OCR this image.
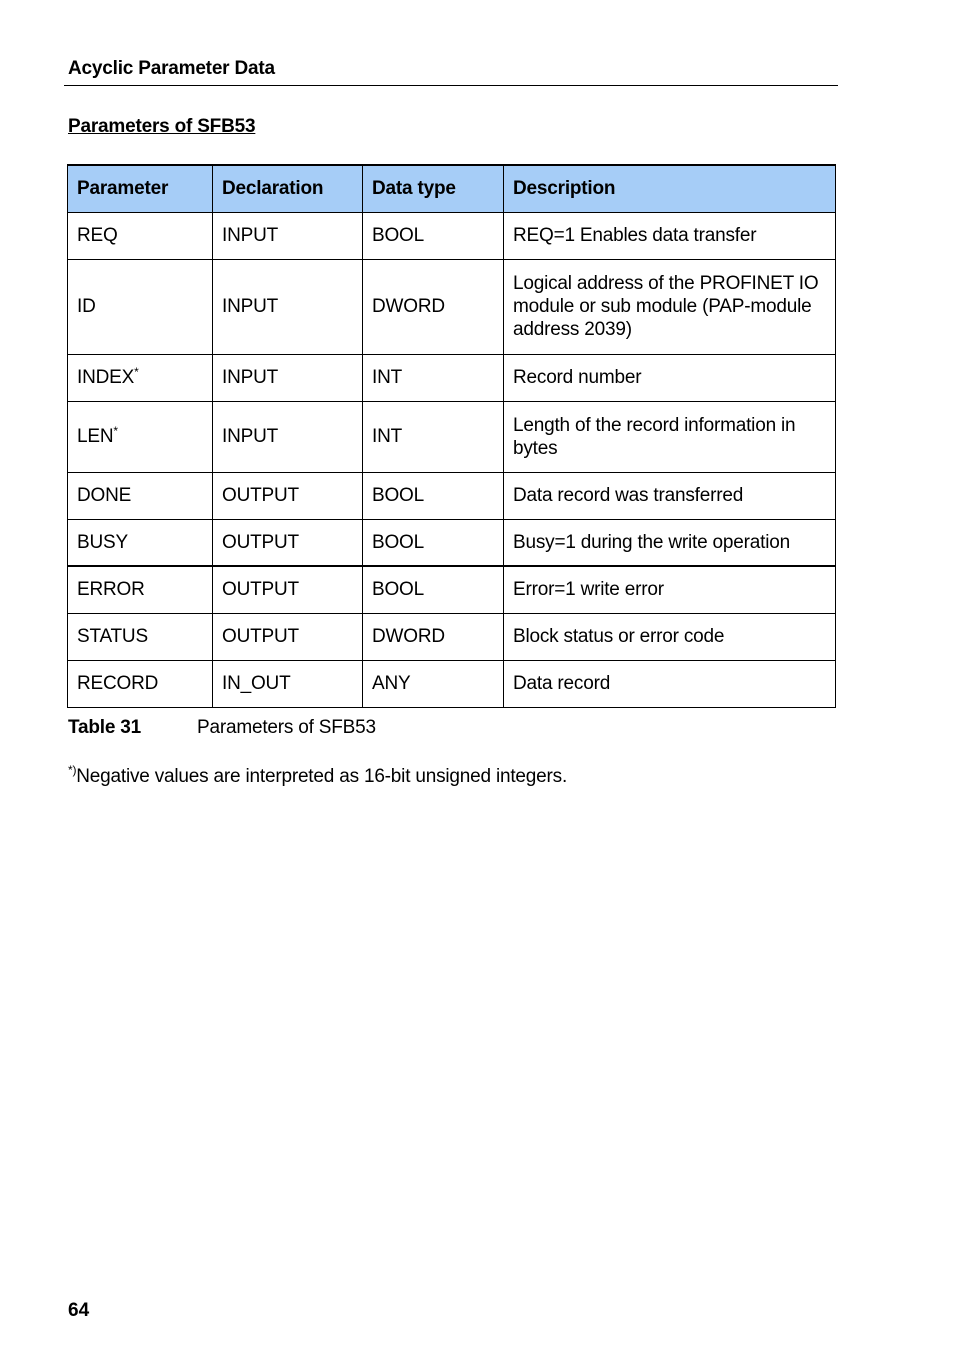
Acyclic Parameter Data
Parameters of SFB53
Parameter	Declaration	Data type	Description
REQ	INPUT	BOOL	REQ=1 Enables data transfer
ID	INPUT	DWORD	Logical address of the PROFINET IO module or sub module (PAP-module address 2039)
INDEX*	INPUT	INT	Record number
LEN*	INPUT	INT	Length of the record information in bytes
DONE	OUTPUT	BOOL	Data record was transferred
BUSY	OUTPUT	BOOL	Busy=1 during the write operation
ERROR	OUTPUT	BOOL	Error=1 write error
STATUS	OUTPUT	DWORD	Block status or error code
RECORD	IN_OUT	ANY	Data record
Table 31	Parameters of SFB53
*)Negative values are interpreted as 16-bit unsigned integers.
64
